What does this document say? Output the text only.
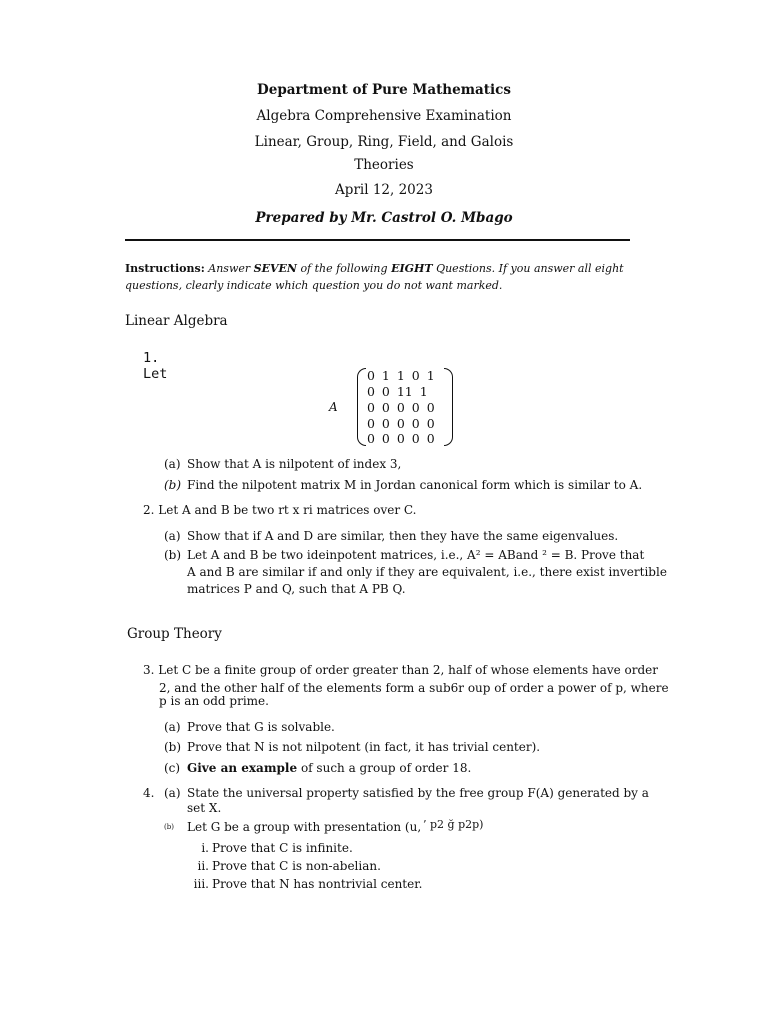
Department of Pure Mathematics
Algebra Comprehensive Examination
Linear, Group, Ring, Field, and Galois
Theories
April 12, 2023
Prepared by Mr. Castrol O. Mbago
Instructions: Answer SEVEN of the following EIGHT Questions. If you answer all eight
questions, clearly indicate which question you do not want marked.
Linear Algebra
1.
Let
A
0 1 1 0 1
0 0 11 1
0 0 0 0 0
0 0 0 0 0
0 0 0 0 0
(a) Show that A is nilpotent of index 3,
(b) Find the nilpotent matrix M in Jordan canonical form which is similar to A.
2. Let A and B be two rt x ri matrices over C.
(a) Show that if A and D are similar, then they have the same eigenvalues.
(b) Let A and B be two ideinpotent matrices, i.e., A² = ABand ² = B. Prove that
A and B are similar if and only if they are equivalent, i.e., there exist invertible
matrices P and Q, such that A PB Q.
Group Theory
3. Let C be a finite group of order greater than 2, half of whose elements have order
2, and the other half of the elements form a sub6r oup of order a power of p, where
p is an odd prime.
(a) Prove that G is solvable.
(b) Prove that N is not nilpotent (in fact, it has trivial center).
(c) Give an example of such a group of order 18.
4. (a) State the universal property satisfied by the free group F(A) generated by a
set X.
(b) Let G be a group with presentation (u, ’ p2 ğ p2p)
i. Prove that C is infinite.
ii. Prove that C is non-abelian.
iii. Prove that N has nontrivial center.
